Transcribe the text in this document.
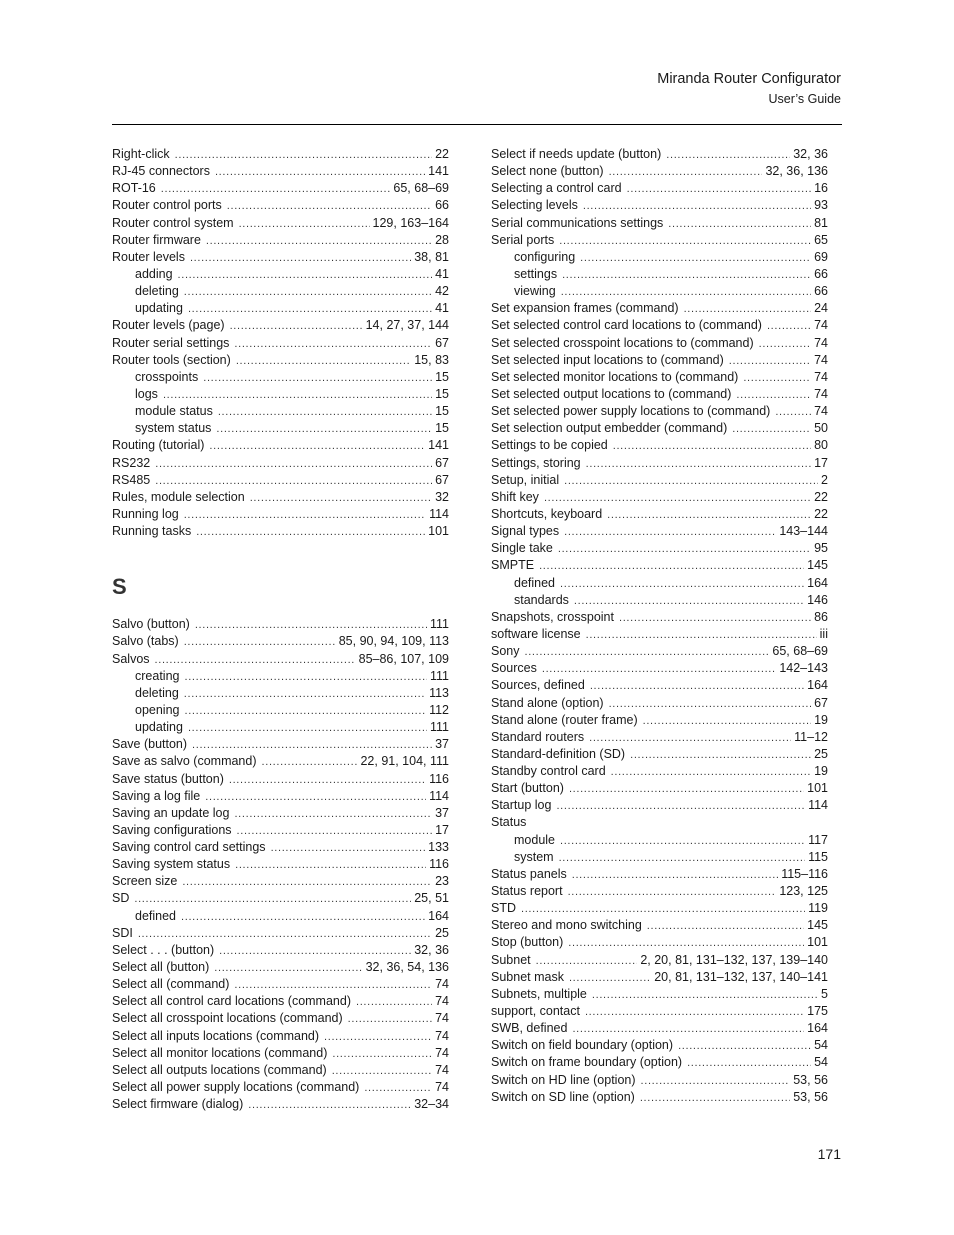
Miranda Router Configurator
User’s Guide
Right-click . . .	22
RJ-45 connectors . . .	141
ROT-16 . . .	65, 68–69
Router control ports . . .	66
Router control system . . .	129, 163–164
Router firmware . . .	28
Router levels . . .	38, 81
adding . . .	41
deleting . . .	42
updating . . .	41
Router levels (page) . . .	14, 27, 37, 144
Router serial settings . . .	67
Router tools (section) . . .	15, 83
crosspoints . . .	15
logs . . .	15
module status . . .	15
system status . . .	15
Routing (tutorial) . . .	141
RS232 . . .	67
RS485 . . .	67
Rules, module selection . . .	32
Running log . . .	114
Running tasks . . .	101
S
Salvo (button) . . .	111
Salvo (tabs) . . .	85, 90, 94, 109, 113
Salvos . . .	85–86, 107, 109
creating . . .	111
deleting . . .	113
opening . . .	112
updating . . .	111
Save (button) . . .	37
Save as salvo (command) . . .	22, 91, 104, 111
Save status (button) . . .	116
Saving a log file . . .	114
Saving an update log . . .	37
Saving configurations . . .	17
Saving control card settings . . .	133
Saving system status . . .	116
Screen size . . .	23
SD . . .	25, 51
defined . . .	164
SDI . . .	25
Select . . . (button) . . .	32, 36
Select all (button) . . .	32, 36, 54, 136
Select all (command) . . .	74
Select all control card locations (command) . . .	74
Select all crosspoint locations (command) . . .	74
Select all inputs locations (command) . . .	74
Select all monitor locations (command) . . .	74
Select all outputs locations (command) . . .	74
Select all power supply locations (command) . . .	74
Select firmware (dialog) . . .	32–34
Select if needs update (button) . . .	32, 36
Select none (button) . . .	32, 36, 136
Selecting a control card . . .	16
Selecting levels . . .	93
Serial communications settings . . .	81
Serial ports . . .	65
configuring . . .	69
settings . . .	66
viewing . . .	66
Set expansion frames (command) . . .	24
Set selected control card locations to (command) . . .	74
Set selected crosspoint locations to (command) . . .	74
Set selected input locations to (command) . . .	74
Set selected monitor locations to (command) . . .	74
Set selected output locations to (command) . . .	74
Set selected power supply locations to (command) . . .	74
Set selection output embedder (command) . . .	50
Settings to be copied . . .	80
Settings, storing . . .	17
Setup, initial . . .	2
Shift key . . .	22
Shortcuts, keyboard . . .	22
Signal types . . .	143–144
Single take . . .	95
SMPTE . . .	145
defined . . .	164
standards . . .	146
Snapshots, crosspoint . . .	86
software license . . .	iii
Sony . . .	65, 68–69
Sources . . .	142–143
Sources, defined . . .	164
Stand alone (option) . . .	67
Stand alone (router frame) . . .	19
Standard routers . . .	11–12
Standard-definition (SD) . . .	25
Standby control card . . .	19
Start (button) . . .	101
Startup log . . .	114
Status
module . . .	117
system . . .	115
Status panels . . .	115–116
Status report . . .	123, 125
STD . . .	119
Stereo and mono switching . . .	145
Stop (button) . . .	101
Subnet . . .	2, 20, 81, 131–132, 137, 139–140
Subnet mask . . .	20, 81, 131–132, 137, 140–141
Subnets, multiple . . .	5
support, contact . . .	175
SWB, defined . . .	164
Switch on field boundary (option) . . .	54
Switch on frame boundary (option) . . .	54
Switch on HD line (option) . . .	53, 56
Switch on SD line (option) . . .	53, 56
171
